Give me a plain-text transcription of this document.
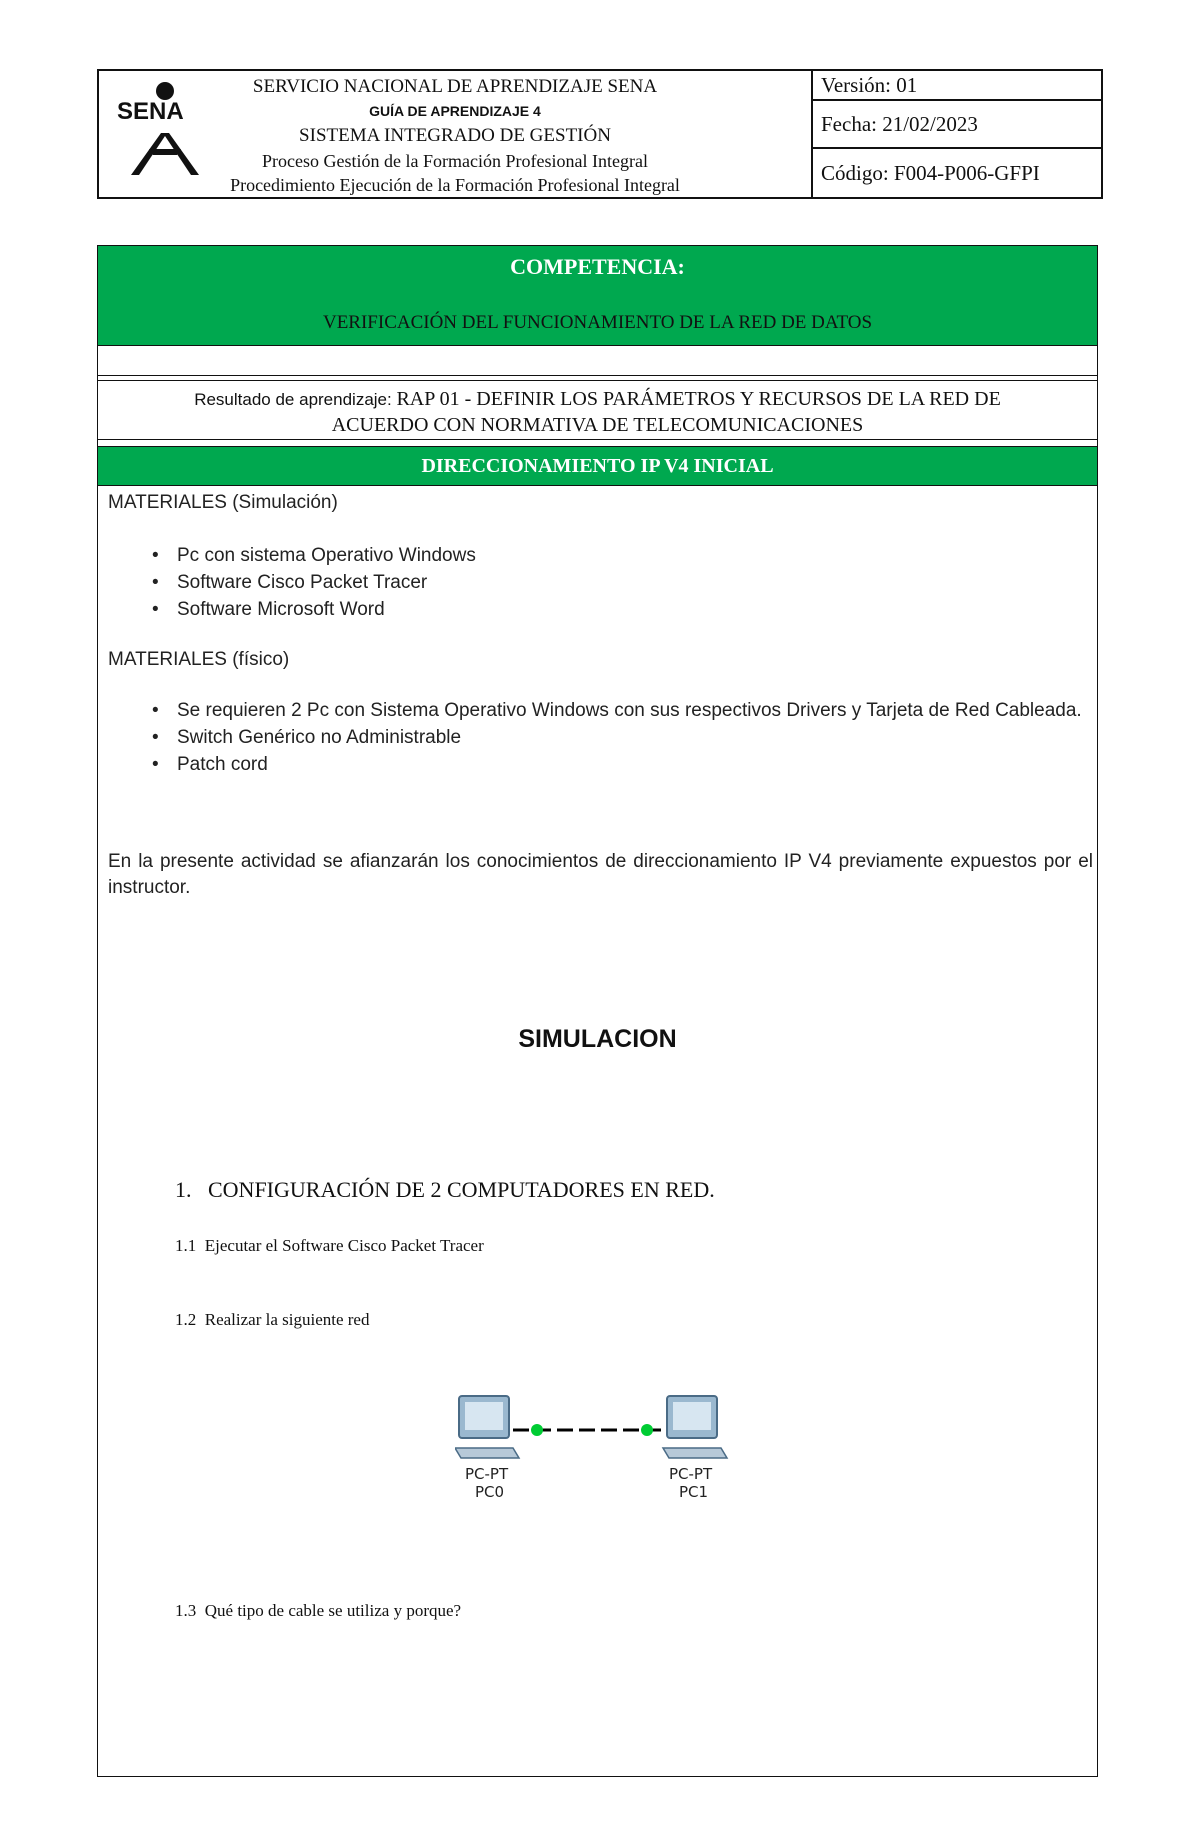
SENA
SERVICIO NACIONAL DE APRENDIZAJE SENA
GUÍA DE APRENDIZAJE 4
SISTEMA INTEGRADO DE GESTIÓN
Proceso Gestión de la Formación Profesional Integral
Procedimiento Ejecución de la Formación Profesional Integral
Versión: 01
Fecha: 21/02/2023
Código: F004-P006-GFPI
COMPETENCIA:
VERIFICACIÓN DEL FUNCIONAMIENTO DE LA RED DE DATOS
Resultado de aprendizaje: RAP 01 - DEFINIR LOS PARÁMETROS Y RECURSOS DE LA RED DE
ACUERDO CON NORMATIVA DE TELECOMUNICACIONES
DIRECCIONAMIENTO IP V4 INICIAL
MATERIALES (Simulación)
• Pc con sistema Operativo Windows
• Software Cisco Packet Tracer
• Software Microsoft Word
MATERIALES (físico)
• Se requieren 2 Pc con Sistema Operativo Windows con sus respectivos Drivers y Tarjeta de Red Cableada.
• Switch Genérico no Administrable
• Patch cord
En la presente actividad se afianzarán los conocimientos de direccionamiento IP V4 previamente expuestos por el instructor.
SIMULACION
1. CONFIGURACIÓN DE 2 COMPUTADORES EN RED.
1.1 Ejecutar el Software Cisco Packet Tracer
1.2 Realizar la siguiente red
PC-PT
PC0
PC-PT
PC1
1.3 Qué tipo de cable se utiliza y porque?
